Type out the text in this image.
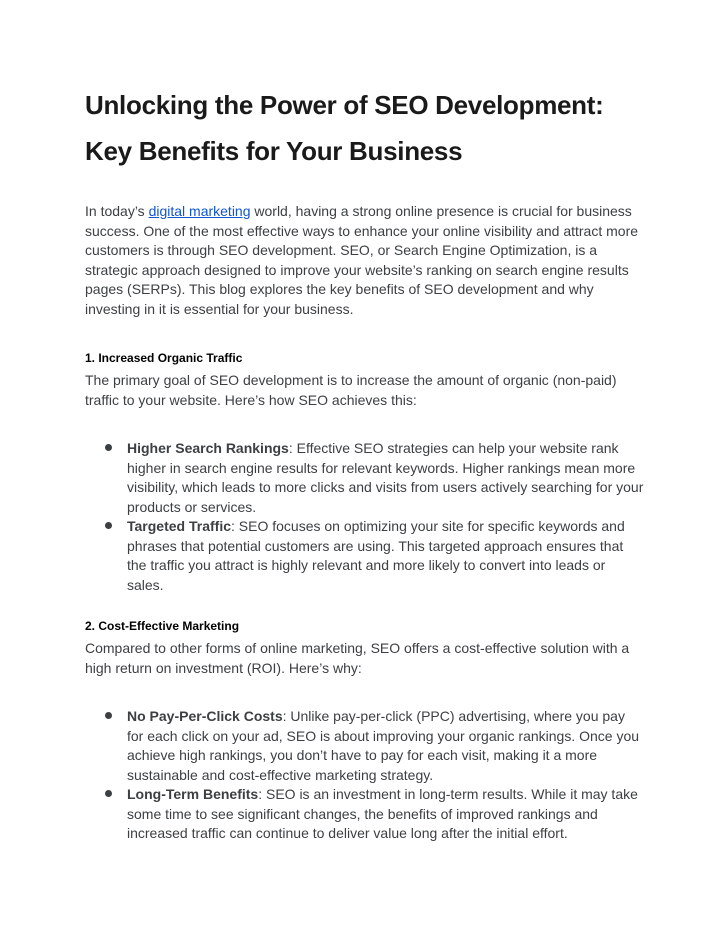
Unlocking the Power of SEO Development:
Key Benefits for Your Business

In today’s digital marketing world, having a strong online presence is crucial for business success. One of the most effective ways to enhance your online visibility and attract more customers is through SEO development. SEO, or Search Engine Optimization, is a strategic approach designed to improve your website’s ranking on search engine results pages (SERPs). This blog explores the key benefits of SEO development and why investing in it is essential for your business.

1. Increased Organic Traffic

The primary goal of SEO development is to increase the amount of organic (non-paid) traffic to your website. Here’s how SEO achieves this:

Higher Search Rankings: Effective SEO strategies can help your website rank higher in search engine results for relevant keywords. Higher rankings mean more visibility, which leads to more clicks and visits from users actively searching for your products or services.
Targeted Traffic: SEO focuses on optimizing your site for specific keywords and phrases that potential customers are using. This targeted approach ensures that the traffic you attract is highly relevant and more likely to convert into leads or sales.
2. Cost-Effective Marketing

Compared to other forms of online marketing, SEO offers a cost-effective solution with a high return on investment (ROI). Here’s why:

No Pay-Per-Click Costs: Unlike pay-per-click (PPC) advertising, where you pay for each click on your ad, SEO is about improving your organic rankings. Once you achieve high rankings, you don’t have to pay for each visit, making it a more sustainable and cost-effective marketing strategy.
Long-Term Benefits: SEO is an investment in long-term results. While it may take some time to see significant changes, the benefits of improved rankings and increased traffic can continue to deliver value long after the initial effort.
